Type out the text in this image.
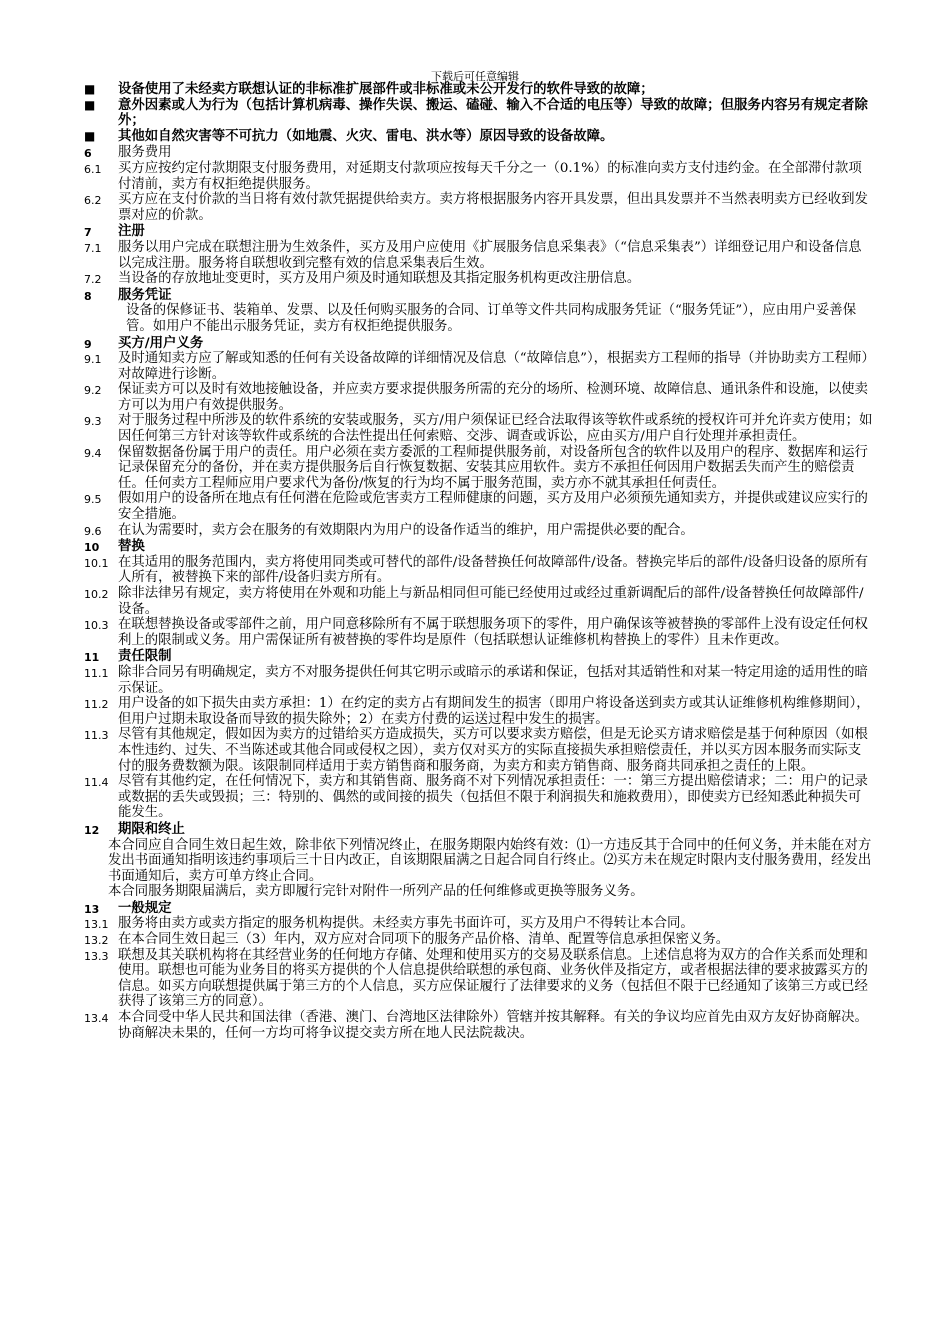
下载后可任意编辑
■ 设备使用了未经卖方联想认证的非标准扩展部件或非标准或未公开发行的软件导致的故障；
■ 意外因素或人为行为（包括计算机病毒、操作失误、搬运、磕碰、输入不合适的电压等）导致的故障；但服务内容另有规定者除外；
■ 其他如自然灾害等不可抗力（如地震、火灾、雷电、洪水等）原因导致的设备故障。
6 服务费用
6.1 买方应按约定付款期限支付服务费用，对延期支付款项应按每天千分之一（0.1%）的标准向卖方支付违约金。在全部滞付款项付清前，卖方有权拒绝提供服务。
6.2 买方应在支付价款的当日将有效付款凭据提供给卖方。卖方将根据服务内容开具发票，但出具发票并不当然表明卖方已经收到发票对应的价款。
7 注册
7.1 服务以用户完成在联想注册为生效条件，买方及用户应使用《扩展服务信息采集表》（“信息采集表”）详细登记用户和设备信息以完成注册。服务将自联想收到完整有效的信息采集表后生效。
7.2 当设备的存放地址变更时，买方及用户须及时通知联想及其指定服务机构更改注册信息。
8 服务凭证
设备的保修证书、装箱单、发票、以及任何购买服务的合同、订单等文件共同构成服务凭证（“服务凭证”），应由用户妥善保管。如用户不能出示服务凭证，卖方有权拒绝提供服务。
9 买方/用户义务
9.1 及时通知卖方应了解或知悉的任何有关设备故障的详细情况及信息（“故障信息”），根据卖方工程师的指导（并协助卖方工程师）对故障进行诊断。
9.2 保证卖方可以及时有效地接触设备，并应卖方要求提供服务所需的充分的场所、检测环境、故障信息、通讯条件和设施，以使卖方可以为用户有效提供服务。
9.3 对于服务过程中所涉及的软件系统的安装或服务，买方/用户须保证已经合法取得该等软件或系统的授权许可并允许卖方使用；如因任何第三方针对该等软件或系统的合法性提出任何索赔、交涉、调查或诉讼，应由买方/用户自行处理并承担责任。
9.4 保留数据备份属于用户的责任。用户必须在卖方委派的工程师提供服务前，对设备所包含的软件以及用户的程序、数据库和运行记录保留充分的备份，并在卖方提供服务后自行恢复数据、安装其应用软件。卖方不承担任何因用户数据丢失而产生的赔偿责任。任何卖方工程师应用户要求代为备份/恢复的行为均不属于服务范围，卖方亦不就其承担任何责任。
9.5 假如用户的设备所在地点有任何潜在危险或危害卖方工程师健康的问题，买方及用户必须预先通知卖方，并提供或建议应实行的安全措施。
9.6 在认为需要时，卖方会在服务的有效期限内为用户的设备作适当的维护，用户需提供必要的配合。
10 替换
10.1 在其适用的服务范围内，卖方将使用同类或可替代的部件/设备替换任何故障部件/设备。替换完毕后的部件/设备归设备的原所有人所有，被替换下来的部件/设备归卖方所有。
10.2 除非法律另有规定，卖方将使用在外观和功能上与新品相同但可能已经使用过或经过重新调配后的部件/设备替换任何故障部件/设备。
10.3 在联想替换设备或零部件之前，用户同意移除所有不属于联想服务项下的零件，用户确保该等被替换的零部件上没有设定任何权利上的限制或义务。用户需保证所有被替换的零件均是原件（包括联想认证维修机构替换上的零件）且未作更改。
11 责任限制
11.1 除非合同另有明确规定，卖方不对服务提供任何其它明示或暗示的承诺和保证，包括对其适销性和对某一特定用途的适用性的暗示保证。
11.2 用户设备的如下损失由卖方承担：1）在约定的卖方占有期间发生的损害（即用户将设备送到卖方或其认证维修机构维修期间），但用户过期未取设备而导致的损失除外；2）在卖方付费的运送过程中发生的损害。
11.3 尽管有其他规定，假如因为卖方的过错给买方造成损失，买方可以要求卖方赔偿，但是无论买方请求赔偿是基于何种原因（如根本性违约、过失、不当陈述或其他合同或侵权之因），卖方仅对买方的实际直接损失承担赔偿责任，并以买方因本服务而实际支付的服务费数额为限。该限制同样适用于卖方销售商和服务商，为卖方和卖方销售商、服务商共同承担之责任的上限。
11.4 尽管有其他约定，在任何情况下，卖方和其销售商、服务商不对下列情况承担责任：一：第三方提出赔偿请求；二：用户的记录或数据的丢失或毁损；三：特别的、偶然的或间接的损失（包括但不限于利润损失和施救费用），即使卖方已经知悉此种损失可能发生。
12 期限和终止
本合同应自合同生效日起生效，除非依下列情况终止，在服务期限内始终有效：⑴一方违反其于合同中的任何义务，并未能在对方发出书面通知指明该违约事项后三十日内改正，自该期限届满之日起合同自行终止。⑵买方未在规定时限内支付服务费用，经发出书面通知后，卖方可单方终止合同。
本合同服务期限届满后，卖方即履行完针对附件一所列产品的任何维修或更换等服务义务。
13 一般规定
13.1 服务将由卖方或卖方指定的服务机构提供。未经卖方事先书面许可，买方及用户不得转让本合同。
13.2 在本合同生效日起三（3）年内，双方应对合同项下的服务产品价格、清单、配置等信息承担保密义务。
13.3 联想及其关联机构将在其经营业务的任何地方存储、处理和使用买方的交易及联系信息。上述信息将为双方的合作关系而处理和使用。联想也可能为业务目的将买方提供的个人信息提供给联想的承包商、业务伙伴及指定方，或者根据法律的要求披露买方的信息。如买方向联想提供属于第三方的个人信息，买方应保证履行了法律要求的义务（包括但不限于已经通知了该第三方或已经获得了该第三方的同意）。
13.4 本合同受中华人民共和国法律（香港、澳门、台湾地区法律除外）管辖并按其解释。有关的争议均应首先由双方友好协商解决。协商解决未果的，任何一方均可将争议提交卖方所在地人民法院裁决。
